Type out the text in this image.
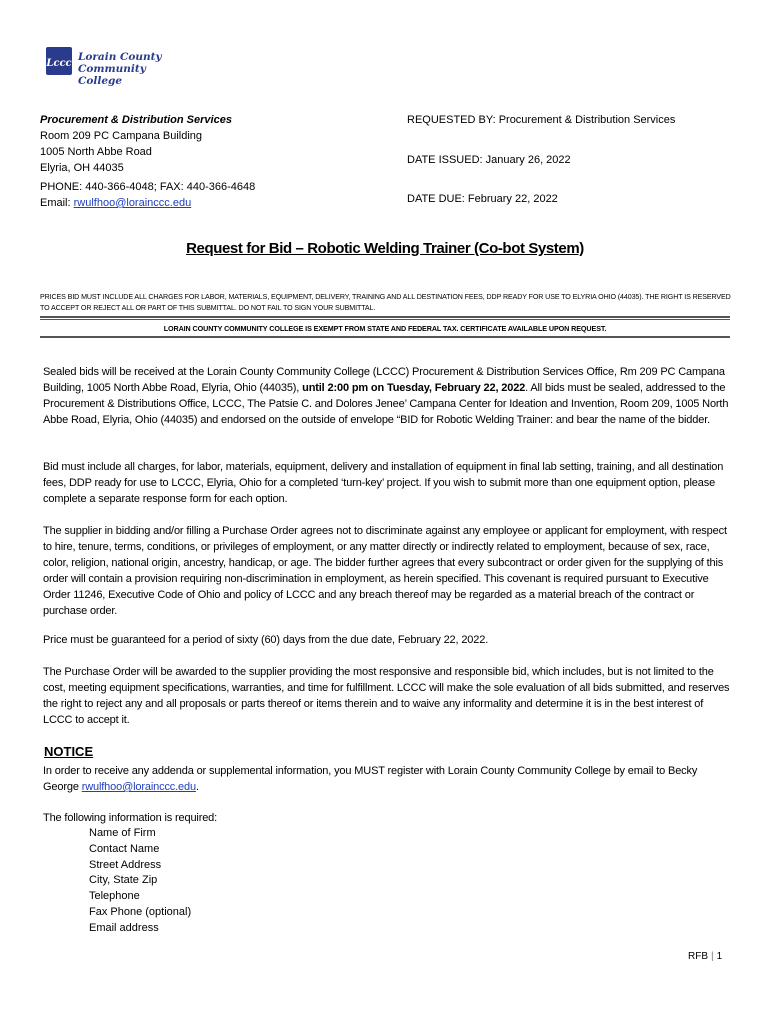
Lccc
Lorain County
Community College
Procurement & Distribution Services
Room 209 PC Campana Building
1005 North Abbe Road
Elyria, OH 44035
PHONE: 440-366-4048; FAX: 440-366-4648
Email: rwulfhoo@lorainccc.edu
REQUESTED BY: Procurement & Distribution Services
DATE ISSUED: January 26, 2022
DATE DUE: February 22, 2022
Request for Bid – Robotic Welding Trainer (Co-bot System)
PRICES BID MUST INCLUDE ALL CHARGES FOR LABOR, MATERIALS, EQUIPMENT, DELIVERY, TRAINING AND ALL DESTINATION FEES, DDP READY FOR USE TO ELYRIA OHIO (44035). THE RIGHT IS RESERVED TO ACCEPT OR REJECT ALL OR PART OF THIS SUBMITTAL. DO NOT FAIL TO SIGN YOUR SUBMITTAL.
LORAIN COUNTY COMMUNITY COLLEGE IS EXEMPT FROM STATE AND FEDERAL TAX. CERTIFICATE AVAILABLE UPON REQUEST.
Sealed bids will be received at the Lorain County Community College (LCCC) Procurement & Distribution Services Office, Rm 209 PC Campana Building, 1005 North Abbe Road, Elyria, Ohio (44035), until 2:00 pm on Tuesday, February 22, 2022. All bids must be sealed, addressed to the Procurement & Distributions Office, LCCC, The Patsie C. and Dolores Jenee’ Campana Center for Ideation and Invention, Room 209, 1005 North Abbe Road, Elyria, Ohio (44035) and endorsed on the outside of envelope “BID for Robotic Welding Trainer: and bear the name of the bidder.
Bid must include all charges, for labor, materials, equipment, delivery and installation of equipment in final lab setting, training, and all destination fees, DDP ready for use to LCCC, Elyria, Ohio for a completed ‘turn-key’ project. If you wish to submit more than one equipment option, please complete a separate response form for each option.
The supplier in bidding and/or filling a Purchase Order agrees not to discriminate against any employee or applicant for employment, with respect to hire, tenure, terms, conditions, or privileges of employment, or any matter directly or indirectly related to employment, because of sex, race, color, religion, national origin, ancestry, handicap, or age. The bidder further agrees that every subcontract or order given for the supplying of this order will contain a provision requiring non-discrimination in employment, as herein specified. This covenant is required pursuant to Executive Order 11246, Executive Code of Ohio and policy of LCCC and any breach thereof may be regarded as a material breach of the contract or purchase order.
Price must be guaranteed for a period of sixty (60) days from the due date, February 22, 2022.
The Purchase Order will be awarded to the supplier providing the most responsive and responsible bid, which includes, but is not limited to the cost, meeting equipment specifications, warranties, and time for fulfillment. LCCC will make the sole evaluation of all bids submitted, and reserves the right to reject any and all proposals or parts thereof or items therein and to waive any informality and determine it is in the best interest of LCCC to accept it.
NOTICE
In order to receive any addenda or supplemental information, you MUST register with Lorain County Community College by email to Becky George rwulfhoo@lorainccc.edu.
The following information is required:
Name of Firm
Contact Name
Street Address
City, State Zip
Telephone
Fax Phone (optional)
Email address
RFB | 1
